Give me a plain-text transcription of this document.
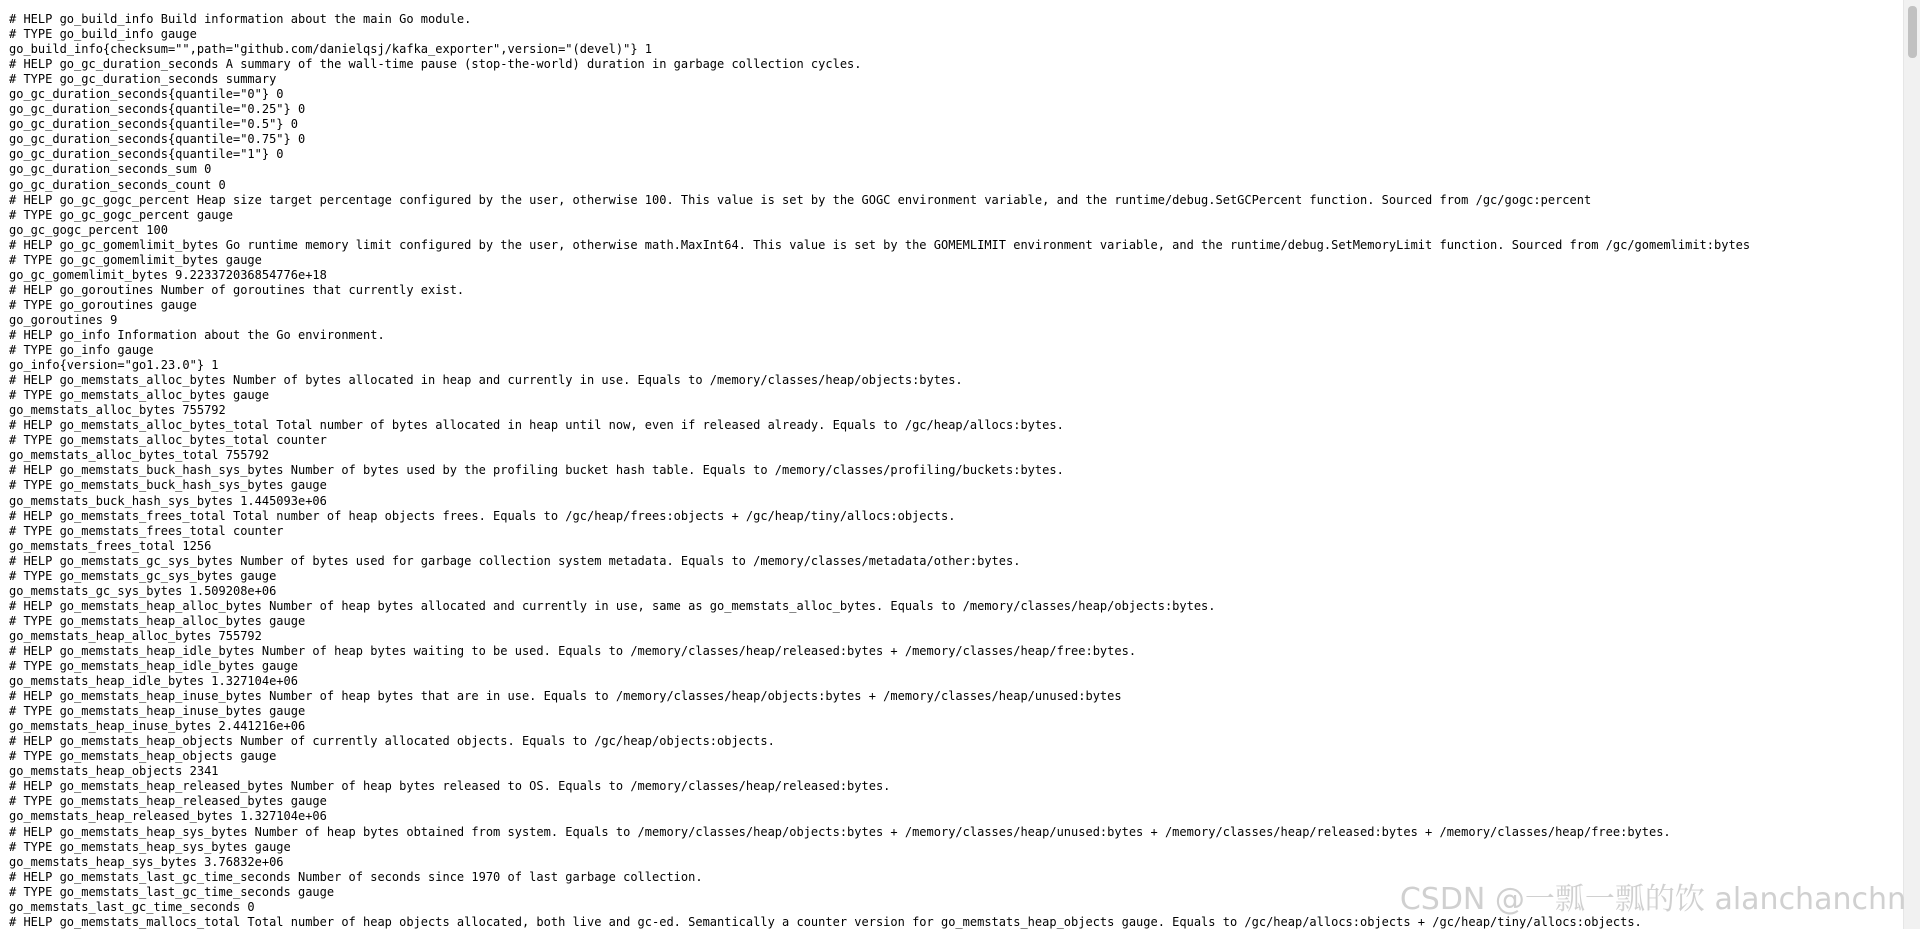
# HELP go_build_info Build information about the main Go module.
# TYPE go_build_info gauge
go_build_info{checksum="",path="github.com/danielqsj/kafka_exporter",version="(devel)"} 1
# HELP go_gc_duration_seconds A summary of the wall-time pause (stop-the-world) duration in garbage collection cycles.
# TYPE go_gc_duration_seconds summary
go_gc_duration_seconds{quantile="0"} 0
go_gc_duration_seconds{quantile="0.25"} 0
go_gc_duration_seconds{quantile="0.5"} 0
go_gc_duration_seconds{quantile="0.75"} 0
go_gc_duration_seconds{quantile="1"} 0
go_gc_duration_seconds_sum 0
go_gc_duration_seconds_count 0
# HELP go_gc_gogc_percent Heap size target percentage configured by the user, otherwise 100. This value is set by the GOGC environment variable, and the runtime/debug.SetGCPercent function. Sourced from /gc/gogc:percent
# TYPE go_gc_gogc_percent gauge
go_gc_gogc_percent 100
# HELP go_gc_gomemlimit_bytes Go runtime memory limit configured by the user, otherwise math.MaxInt64. This value is set by the GOMEMLIMIT environment variable, and the runtime/debug.SetMemoryLimit function. Sourced from /gc/gomemlimit:bytes
# TYPE go_gc_gomemlimit_bytes gauge
go_gc_gomemlimit_bytes 9.223372036854776e+18
# HELP go_goroutines Number of goroutines that currently exist.
# TYPE go_goroutines gauge
go_goroutines 9
# HELP go_info Information about the Go environment.
# TYPE go_info gauge
go_info{version="go1.23.0"} 1
# HELP go_memstats_alloc_bytes Number of bytes allocated in heap and currently in use. Equals to /memory/classes/heap/objects:bytes.
# TYPE go_memstats_alloc_bytes gauge
go_memstats_alloc_bytes 755792
# HELP go_memstats_alloc_bytes_total Total number of bytes allocated in heap until now, even if released already. Equals to /gc/heap/allocs:bytes.
# TYPE go_memstats_alloc_bytes_total counter
go_memstats_alloc_bytes_total 755792
# HELP go_memstats_buck_hash_sys_bytes Number of bytes used by the profiling bucket hash table. Equals to /memory/classes/profiling/buckets:bytes.
# TYPE go_memstats_buck_hash_sys_bytes gauge
go_memstats_buck_hash_sys_bytes 1.445093e+06
# HELP go_memstats_frees_total Total number of heap objects frees. Equals to /gc/heap/frees:objects + /gc/heap/tiny/allocs:objects.
# TYPE go_memstats_frees_total counter
go_memstats_frees_total 1256
# HELP go_memstats_gc_sys_bytes Number of bytes used for garbage collection system metadata. Equals to /memory/classes/metadata/other:bytes.
# TYPE go_memstats_gc_sys_bytes gauge
go_memstats_gc_sys_bytes 1.509208e+06
# HELP go_memstats_heap_alloc_bytes Number of heap bytes allocated and currently in use, same as go_memstats_alloc_bytes. Equals to /memory/classes/heap/objects:bytes.
# TYPE go_memstats_heap_alloc_bytes gauge
go_memstats_heap_alloc_bytes 755792
# HELP go_memstats_heap_idle_bytes Number of heap bytes waiting to be used. Equals to /memory/classes/heap/released:bytes + /memory/classes/heap/free:bytes.
# TYPE go_memstats_heap_idle_bytes gauge
go_memstats_heap_idle_bytes 1.327104e+06
# HELP go_memstats_heap_inuse_bytes Number of heap bytes that are in use. Equals to /memory/classes/heap/objects:bytes + /memory/classes/heap/unused:bytes
# TYPE go_memstats_heap_inuse_bytes gauge
go_memstats_heap_inuse_bytes 2.441216e+06
# HELP go_memstats_heap_objects Number of currently allocated objects. Equals to /gc/heap/objects:objects.
# TYPE go_memstats_heap_objects gauge
go_memstats_heap_objects 2341
# HELP go_memstats_heap_released_bytes Number of heap bytes released to OS. Equals to /memory/classes/heap/released:bytes.
# TYPE go_memstats_heap_released_bytes gauge
go_memstats_heap_released_bytes 1.327104e+06
# HELP go_memstats_heap_sys_bytes Number of heap bytes obtained from system. Equals to /memory/classes/heap/objects:bytes + /memory/classes/heap/unused:bytes + /memory/classes/heap/released:bytes + /memory/classes/heap/free:bytes.
# TYPE go_memstats_heap_sys_bytes gauge
go_memstats_heap_sys_bytes 3.76832e+06
# HELP go_memstats_last_gc_time_seconds Number of seconds since 1970 of last garbage collection.
# TYPE go_memstats_last_gc_time_seconds gauge
go_memstats_last_gc_time_seconds 0
# HELP go_memstats_mallocs_total Total number of heap objects allocated, both live and gc-ed. Semantically a counter version for go_memstats_heap_objects gauge. Equals to /gc/heap/allocs:objects + /gc/heap/tiny/allocs:objects.
CSDN @一瓢一瓢的饮 alanchanchn
